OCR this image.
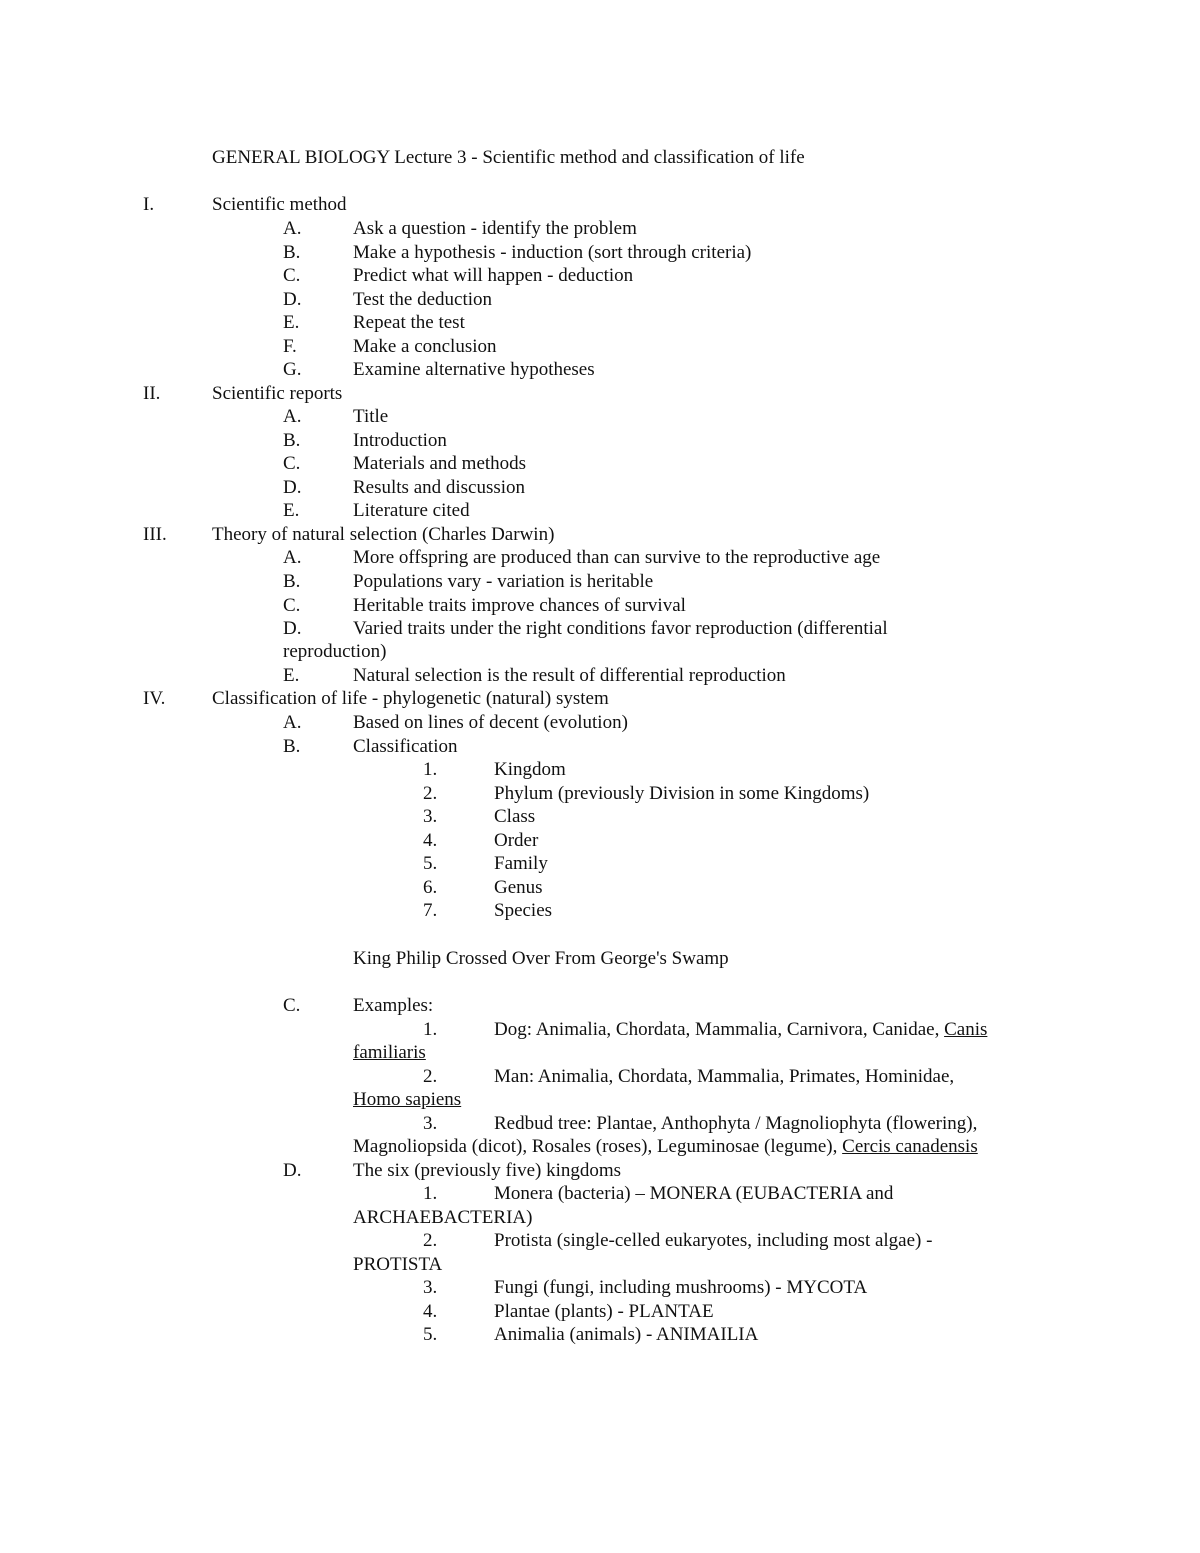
GENERAL BIOLOGY Lecture 3 - Scientific method and classification of life
I.	Scientific method
A.	Ask a question - identify the problem
B.	Make a hypothesis - induction (sort through criteria)
C.	Predict what will happen - deduction
D.	Test the deduction
E.	Repeat the test
F.	Make a conclusion
G.	Examine alternative hypotheses
II.	Scientific reports
A.	Title
B.	Introduction
C.	Materials and methods
D.	Results and discussion
E.	Literature cited
III. Theory of natural selection (Charles Darwin)
A.	More offspring are produced than can survive to the reproductive age
B.	Populations vary - variation is heritable
C.	Heritable traits improve chances of survival
D.	Varied traits under the right conditions favor reproduction (differential
reproduction)
E.	Natural selection is the result of differential reproduction
IV. Classification of life - phylogenetic (natural) system
A.	Based on lines of decent (evolution)
B.	Classification
1.	Kingdom
2.	Phylum (previously Division in some Kingdoms)
3.	Class
4.	Order
5.	Family
6.	Genus
7.	Species
King Philip Crossed Over From George's Swamp
C.	Examples:
1.	Dog: Animalia, Chordata, Mammalia, Carnivora, Canidae, Canis
familiaris
2.	Man: Animalia, Chordata, Mammalia, Primates, Hominidae,
Homo sapiens
3.	Redbud tree: Plantae, Anthophyta / Magnoliophyta (flowering),
Magnoliopsida (dicot), Rosales (roses), Leguminosae (legume), Cercis canadensis
D.	The six (previously five) kingdoms
1.	Monera (bacteria) – MONERA (EUBACTERIA and
ARCHAEBACTERIA)
2.	Protista (single-celled eukaryotes, including most algae) -
PROTISTA
3.	Fungi (fungi, including mushrooms) - MYCOTA
4.	Plantae (plants) - PLANTAE
5.	Animalia (animals) - ANIMAILIA
